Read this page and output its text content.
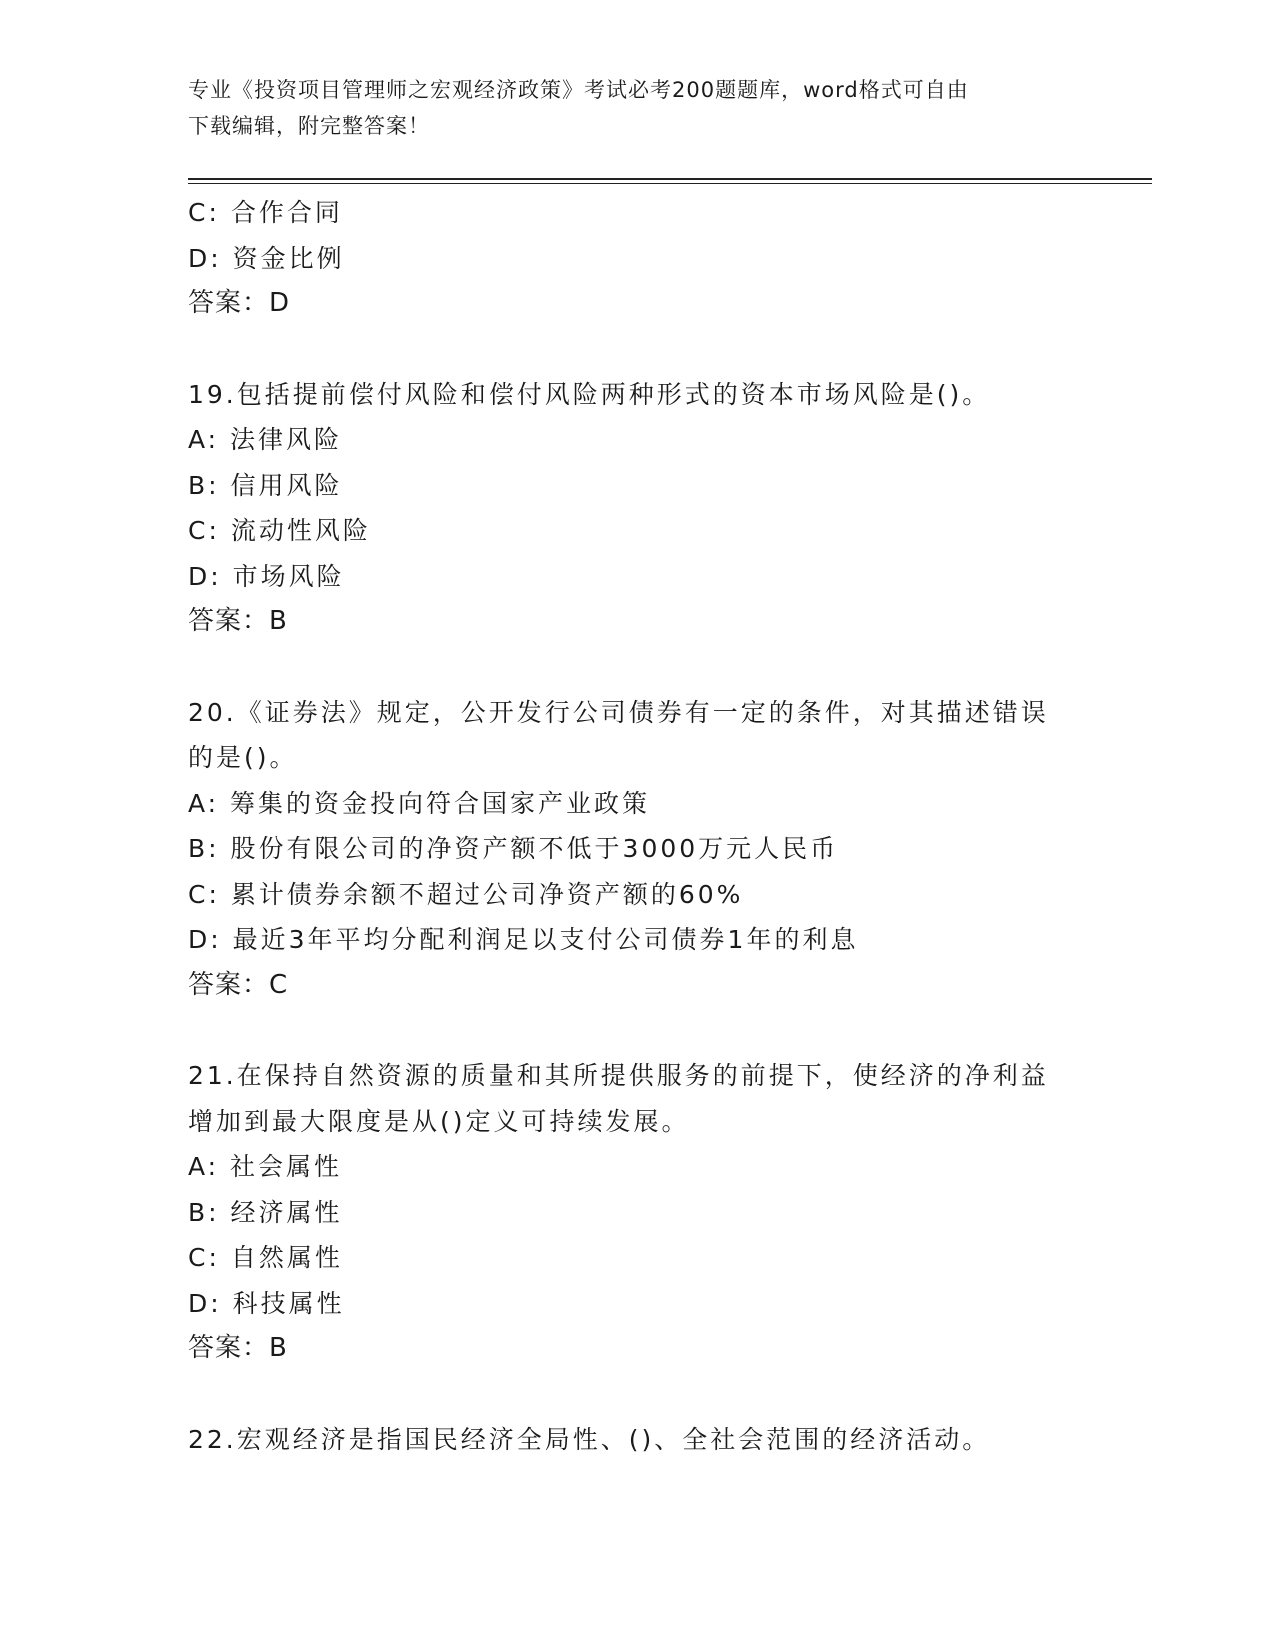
专业《投资项目管理师之宏观经济政策》考试必考200题题库，word格式可自由
下载编辑，附完整答案！
C: 合作合同
D: 资金比例
答案：D
19.包括提前偿付风险和偿付风险两种形式的资本市场风险是()。
A: 法律风险
B: 信用风险
C: 流动性风险
D: 市场风险
答案：B
20.《证券法》规定，公开发行公司债券有一定的条件，对其描述错误
的是()。
A: 筹集的资金投向符合国家产业政策
B: 股份有限公司的净资产额不低于3000万元人民币
C: 累计债券余额不超过公司净资产额的60%
D: 最近3年平均分配利润足以支付公司债券1年的利息
答案：C
21.在保持自然资源的质量和其所提供服务的前提下，使经济的净利益
增加到最大限度是从()定义可持续发展。
A: 社会属性
B: 经济属性
C: 自然属性
D: 科技属性
答案：B
22.宏观经济是指国民经济全局性、()、全社会范围的经济活动。
